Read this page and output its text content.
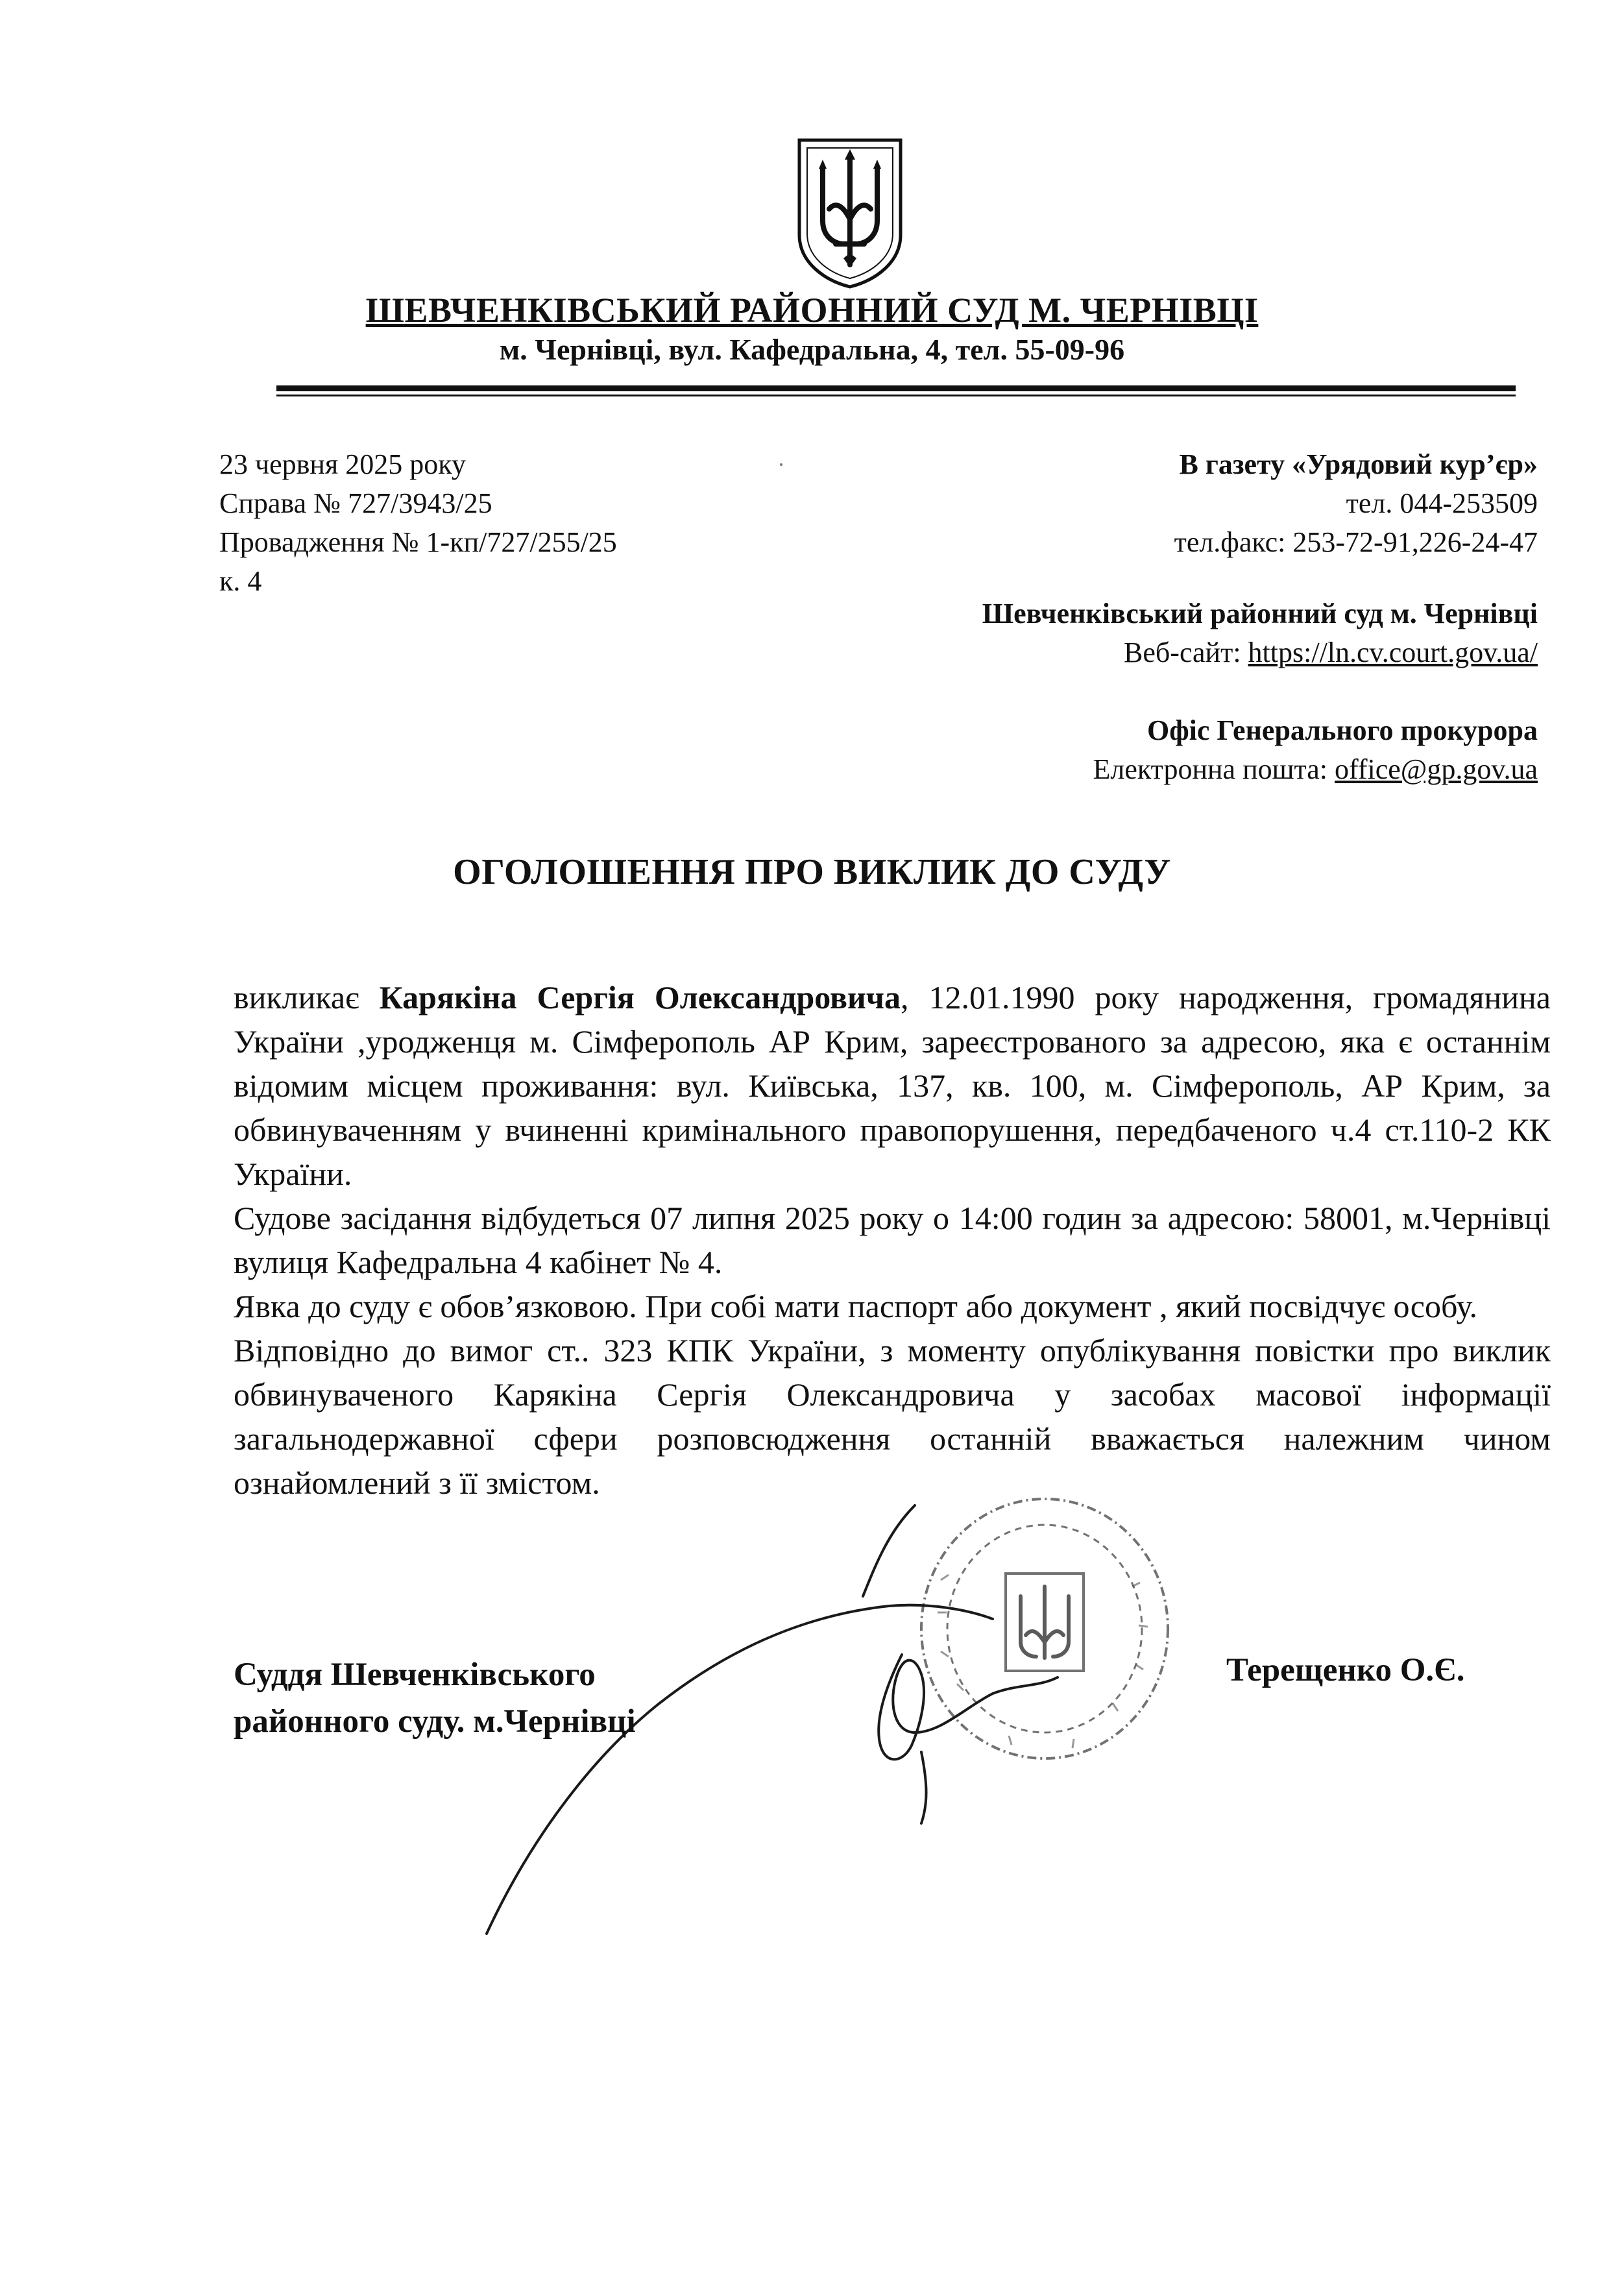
ШЕВЧЕНКІВСЬКИЙ РАЙОННИЙ СУД М. ЧЕРНІВЦІ
м. Чернівці, вул. Кафедральна, 4, тел. 55-09-96
23 червня 2025 року
Справа № 727/3943/25
Провадження № 1-кп/727/255/25
к. 4
В газету «Урядовий кур’єр»
тел. 044-253509
тел.факс: 253-72-91,226-24-47
Шевченківський районний суд м. Чернівці
Веб-сайт: https://ln.cv.court.gov.ua/
Офіс Генерального прокурора
Електронна пошта: office@gp.gov.ua
ОГОЛОШЕННЯ ПРО ВИКЛИК ДО СУДУ

викликає Карякіна Сергія Олександровича, 12.01.1990 року народження, громадянина України ,уродженця м. Сімферополь АР Крим, зареєстрованого за адресою, яка є останнім відомим місцем проживання: вул. Київська, 137, кв. 100, м. Сімферополь, АР Крим, за обвинуваченням у вчиненні кримінального правопорушення, передбаченого ч.4 ст.110-2 КК України.

Судове засідання відбудеться 07 липня 2025 року о 14:00 годин за адресою: 58001, м.Чернівці вулиця Кафедральна 4 кабінет № 4.

Явка до суду є обов’язковою. При собі мати паспорт або документ , який посвідчує особу.

Відповідно до вимог ст.. 323 КПК України, з моменту опублікування повістки про виклик обвинуваченого Карякіна Сергія Олександровича у засобах масової інформації загальнодержавної сфери розповсюдження останній вважається належним чином ознайомлений з її змістом.

Суддя Шевченківського
районного суду. м.Чернівці
Терещенко О.Є.
